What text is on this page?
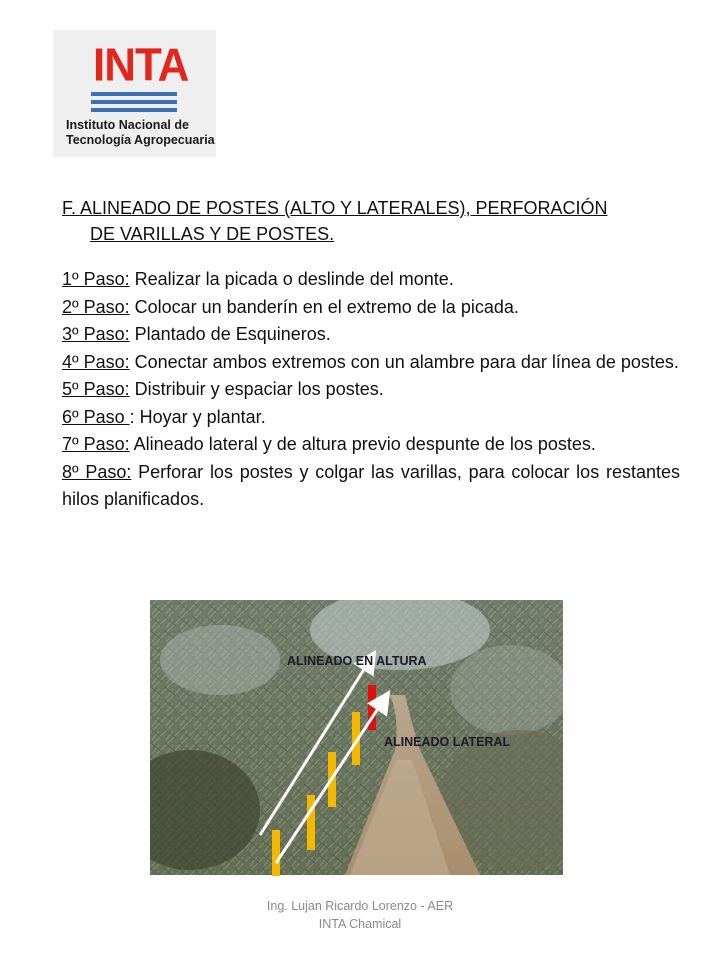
INTA
Instituto Nacional de
Tecnología Agropecuaria
F. ALINEADO DE POSTES (ALTO Y LATERALES), PERFORACIÓN
DE VARILLAS Y DE POSTES.

1º Paso: Realizar la picada o deslinde del monte.

2º Paso: Colocar un banderín en el extremo de la picada.

3º Paso: Plantado de Esquineros.

4º Paso: Conectar ambos extremos con un alambre para dar línea de postes.

5º Paso: Distribuir y espaciar los postes.

6º Paso : Hoyar y plantar.

7º Paso: Alineado lateral y de altura previo despunte de los postes.

8º Paso: Perforar los postes y colgar las varillas, para colocar los restantes hilos planificados.

ALINEADO EN ALTURA
ALINEADO LATERAL
Ing. Lujan Ricardo Lorenzo - AER
INTA Chamical
